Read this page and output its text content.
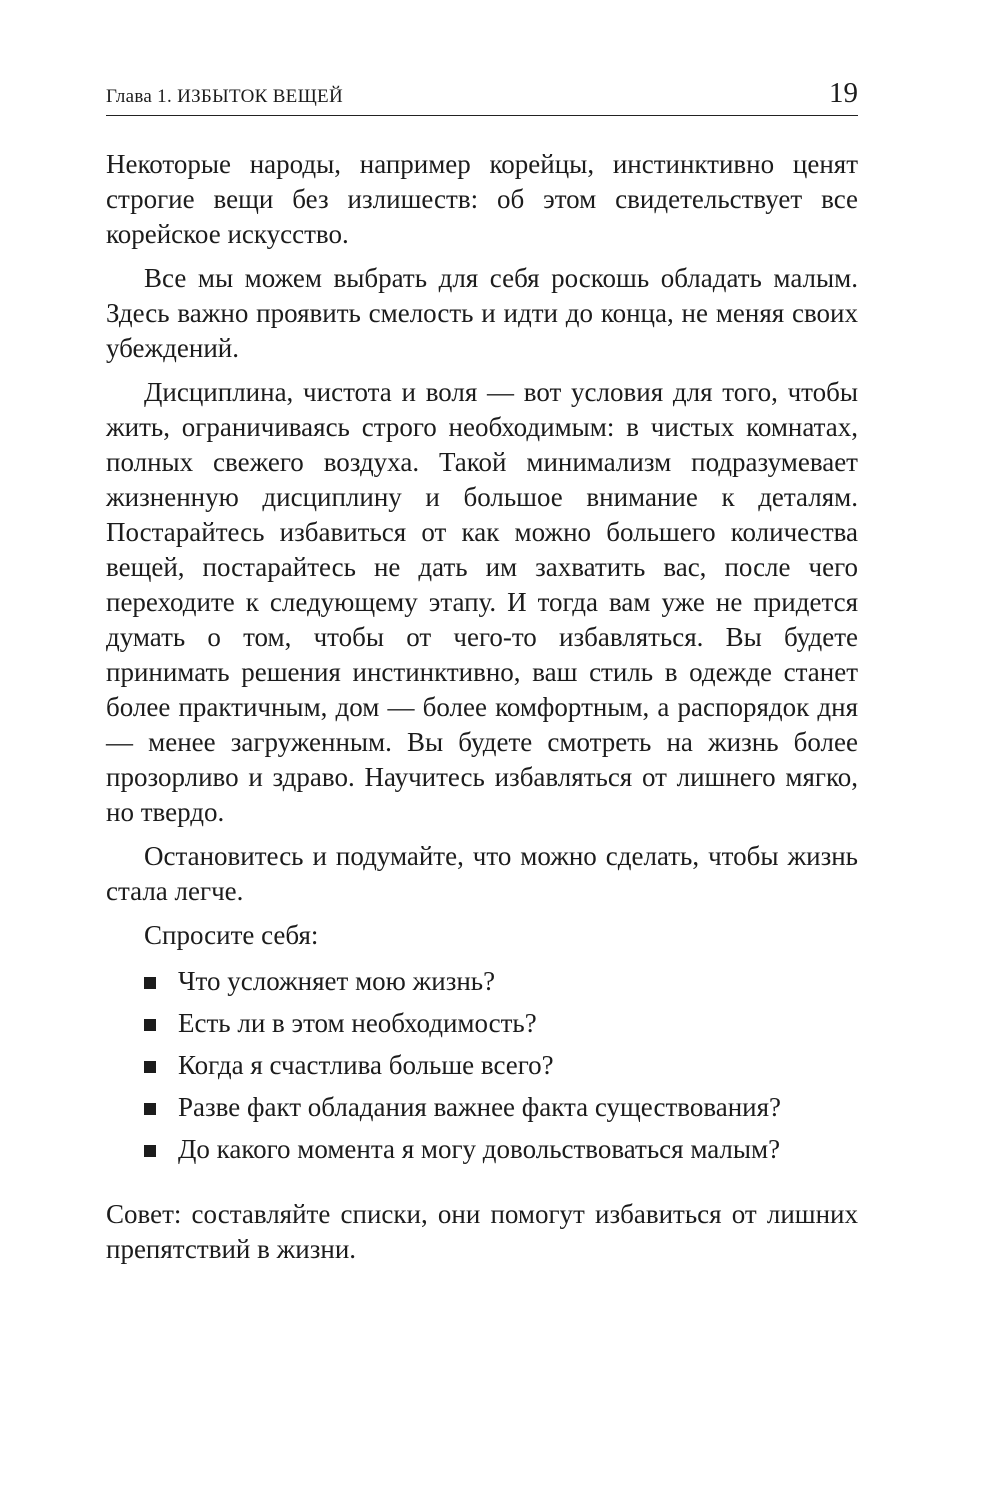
Глава 1. ИЗБЫТОК ВЕЩЕЙ	19

Некоторые народы, например корейцы, инстинктивно ценят строгие вещи без излишеств: об этом свидетельствует все корейское искусство.

Все мы можем выбрать для себя роскошь обладать малым. Здесь важно проявить смелость и идти до конца, не меняя своих убеждений.

Дисциплина, чистота и воля — вот условия для того, чтобы жить, ограничиваясь строго необходимым: в чистых комнатах, полных свежего воздуха. Такой минимализм подразумевает жизненную дисциплину и большое внимание к деталям. Постарайтесь избавиться от как можно большего количества вещей, постарайтесь не дать им захватить вас, после чего переходите к следующему этапу. И тогда вам уже не придется думать о том, чтобы от чего-то избавляться. Вы будете принимать решения инстинктивно, ваш стиль в одежде станет более практичным, дом — более комфортным, а распорядок дня — менее загруженным. Вы будете смотреть на жизнь более прозорливо и здраво. Научитесь избавляться от лишнего мягко, но твердо.

Остановитесь и подумайте, что можно сделать, чтобы жизнь стала легче.

Спросите себя:

Что усложняет мою жизнь?
Есть ли в этом необходимость?
Когда я счастлива больше всего?
Разве факт обладания важнее факта существования?
До какого момента я могу довольствоваться малым?

Совет: составляйте списки, они помогут избавиться от лишних препятствий в жизни.
